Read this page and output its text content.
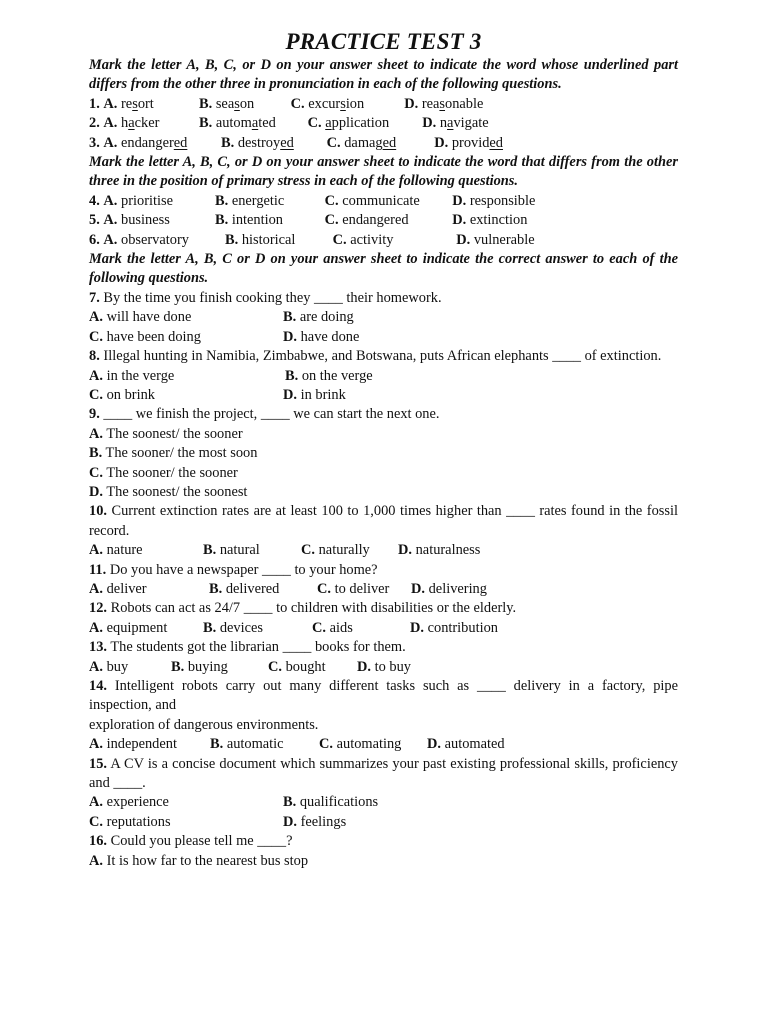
PRACTICE TEST 3

Mark the letter A, B, C, or D on your answer sheet to indicate the word whose underlined part differs from the other three in pronunciation in each of the following questions.

1. A. resort	B. season	C. excursion	D. reasonable
2. A. hacker	B. automated C. application D. navigate
3. A. endangered B. destroyed C. damaged	D. provided

Mark the letter A, B, C, or D on your answer sheet to indicate the word that differs from the other three in the position of primary stress in each of the following questions.

4. A. prioritise	B. energetic	C. communicate D. responsible
5. A. business	B. intention	C. endangered	D. extinction
6. A. observatory	B. historical	C. activity	D. vulnerable

Mark the letter A, B, C or D on your answer sheet to indicate the correct answer to each of the following questions.

7. By the time you finish cooking they ____ their homework.
A. will have done	B. are doing
C. have been doing	D. have done
8. Illegal hunting in Namibia, Zimbabwe, and Botswana, puts African elephants ____ of extinction.
A. in the verge	B. on the verge
C. on brink	D. in brink
9. ____ we finish the project, ____ we can start the next one.
A. The soonest/ the sooner
B. The sooner/ the most soon
C. The sooner/ the sooner
D. The soonest/ the soonest
10. Current extinction rates are at least 100 to 1,000 times higher than ____ rates found in the fossil record.
A. nature	B. natural	C. naturally D. naturalness
11. Do you have a newspaper ____ to your home?
A. deliver	B. delivered	C. to deliver D. delivering
12. Robots can act as 24/7 ____ to children with disabilities or the elderly.
A. equipment B. devices	C. aids	D. contribution
13. The students got the librarian ____ books for them.
A. buy	B. buying	C. bought D. to buy
14. Intelligent robots carry out many different tasks such as ____ delivery in a factory, pipe inspection, and
exploration of dangerous environments.
A. independent B. automatic C. automating D. automated
15. A CV is a concise document which summarizes your past existing professional skills, proficiency and ____.
A. experience	B. qualifications
C. reputations	D. feelings
16. Could you please tell me ____?
A. It is how far to the nearest bus stop
